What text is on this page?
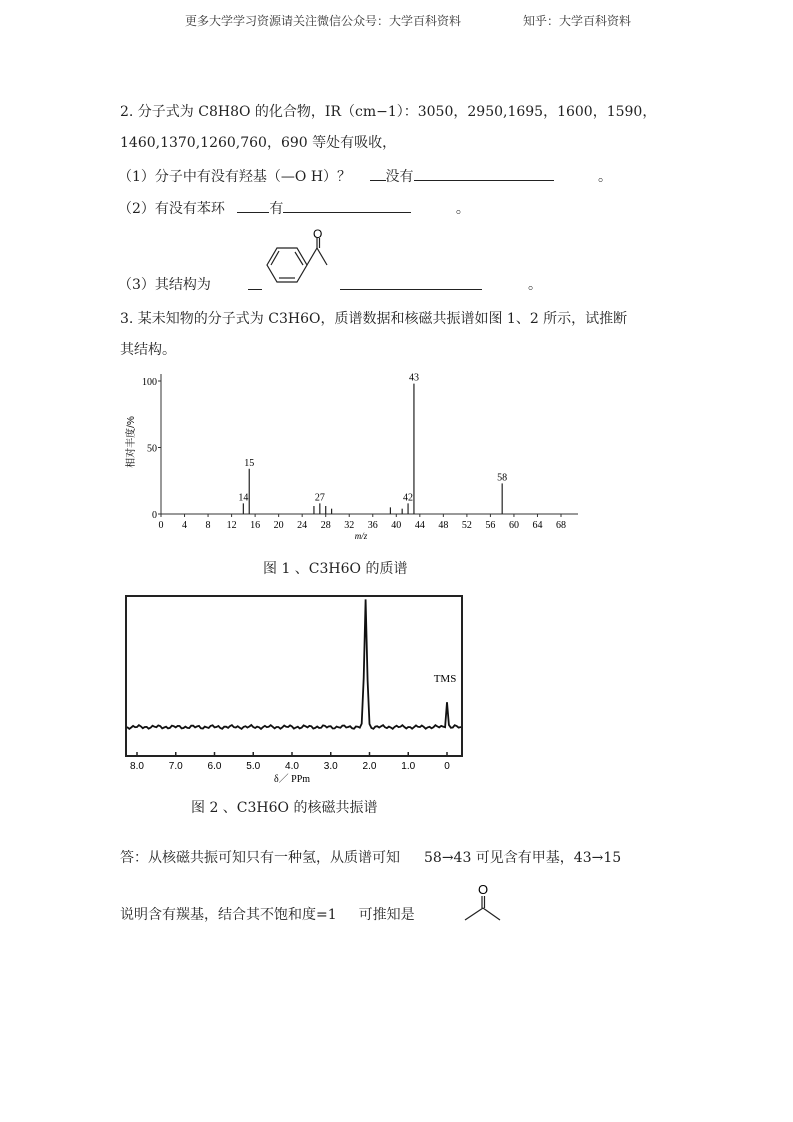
更多大学学习资源请关注微信公众号：大学百科资料	知乎：大学百科资料
2. 分子式为 C8H8O 的化合物，IR（cm−1）：3050，2950,1695，1600，1590，
1460,1370,1260,760，690 等处有吸收，
（1）分子中有没有羟基（—O H）？ 没有	。
（2）有没有苯环	有	。
（3）其结构为	。
O
3. 某未知物的分子式为 C3H6O，质谱数据和核磁共振谱如图 1、2 所示，试推断
其结构。
0 4 8 12 16 20 24 28 32 36 40 44 48 52 56 60 64 68
0
50
100
m/z
相对丰度/%
14
15
27	42
43
58
图 1 、C3H6O 的质谱
8.0 7.0 6.0 5.0 4.0 3.0 2.0 1.0	0
δ／ PPm
TMS
图 2 、C3H6O 的核磁共振谱
答：从核磁共振可知只有一种氢，从质谱可知 58→43 可见含有甲基，43→15
说明含有羰基，结合其不饱和度=1 可推知是
O
